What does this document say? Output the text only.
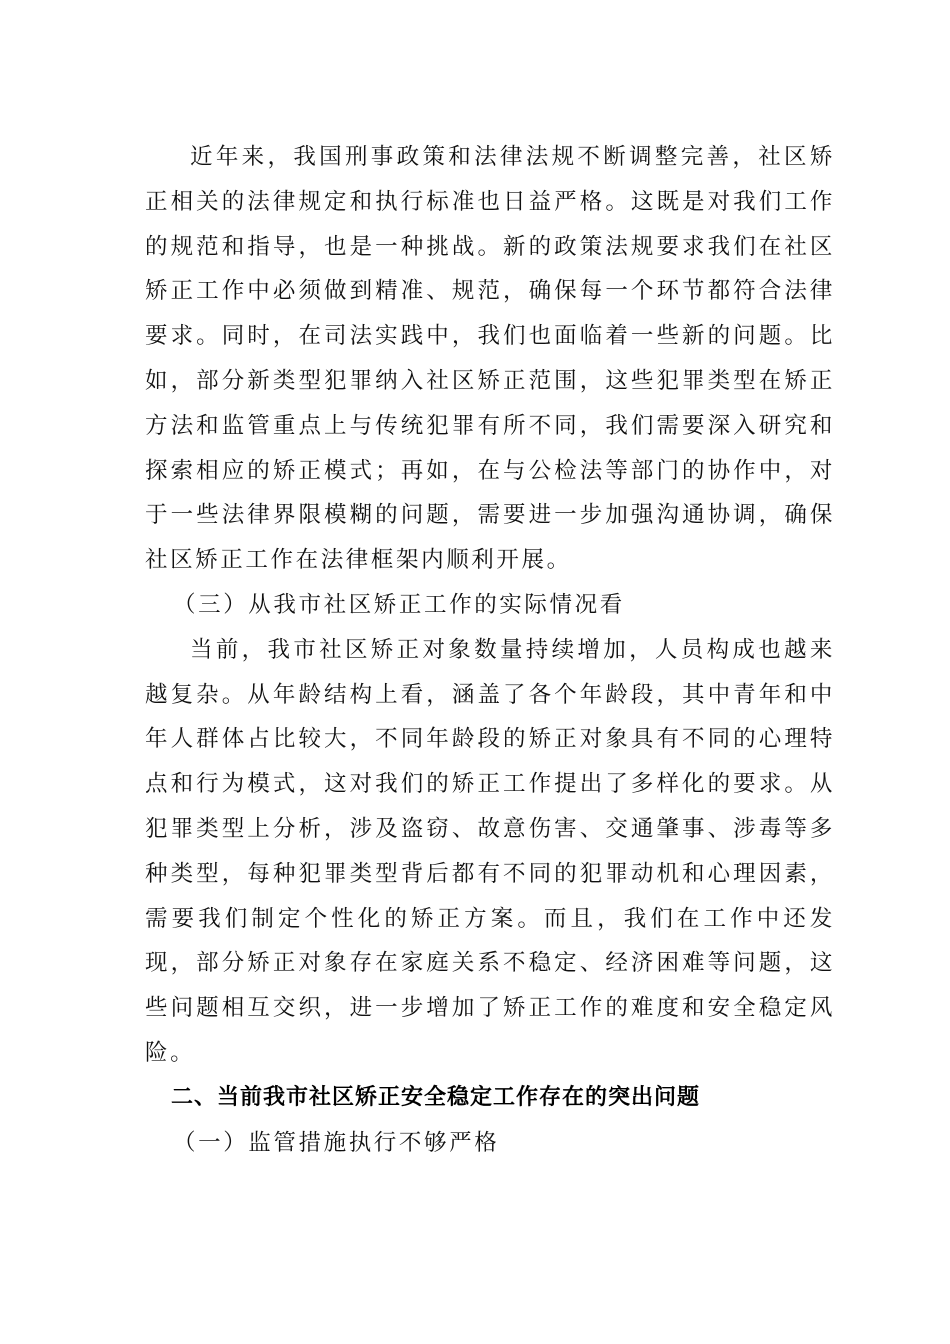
近年来，我国刑事政策和法律法规不断调整完善，社区矫正相关的法律规定和执行标准也日益严格。这既是对我们工作的规范和指导，也是一种挑战。新的政策法规要求我们在社区矫正工作中必须做到精准、规范，确保每一个环节都符合法律要求。同时，在司法实践中，我们也面临着一些新的问题。比如，部分新类型犯罪纳入社区矫正范围，这些犯罪类型在矫正方法和监管重点上与传统犯罪有所不同，我们需要深入研究和探索相应的矫正模式；再如，在与公检法等部门的协作中，对于一些法律界限模糊的问题，需要进一步加强沟通协调，确保社区矫正工作在法律框架内顺利开展。

（三）从我市社区矫正工作的实际情况看

当前，我市社区矫正对象数量持续增加，人员构成也越来越复杂。从年龄结构上看，涵盖了各个年龄段，其中青年和中年人群体占比较大，不同年龄段的矫正对象具有不同的心理特点和行为模式，这对我们的矫正工作提出了多样化的要求。从犯罪类型上分析，涉及盗窃、故意伤害、交通肇事、涉毒等多种类型，每种犯罪类型背后都有不同的犯罪动机和心理因素，需要我们制定个性化的矫正方案。而且，我们在工作中还发现，部分矫正对象存在家庭关系不稳定、经济困难等问题，这些问题相互交织，进一步增加了矫正工作的难度和安全稳定风险。

二、当前我市社区矫正安全稳定工作存在的突出问题

（一）监管措施执行不够严格
